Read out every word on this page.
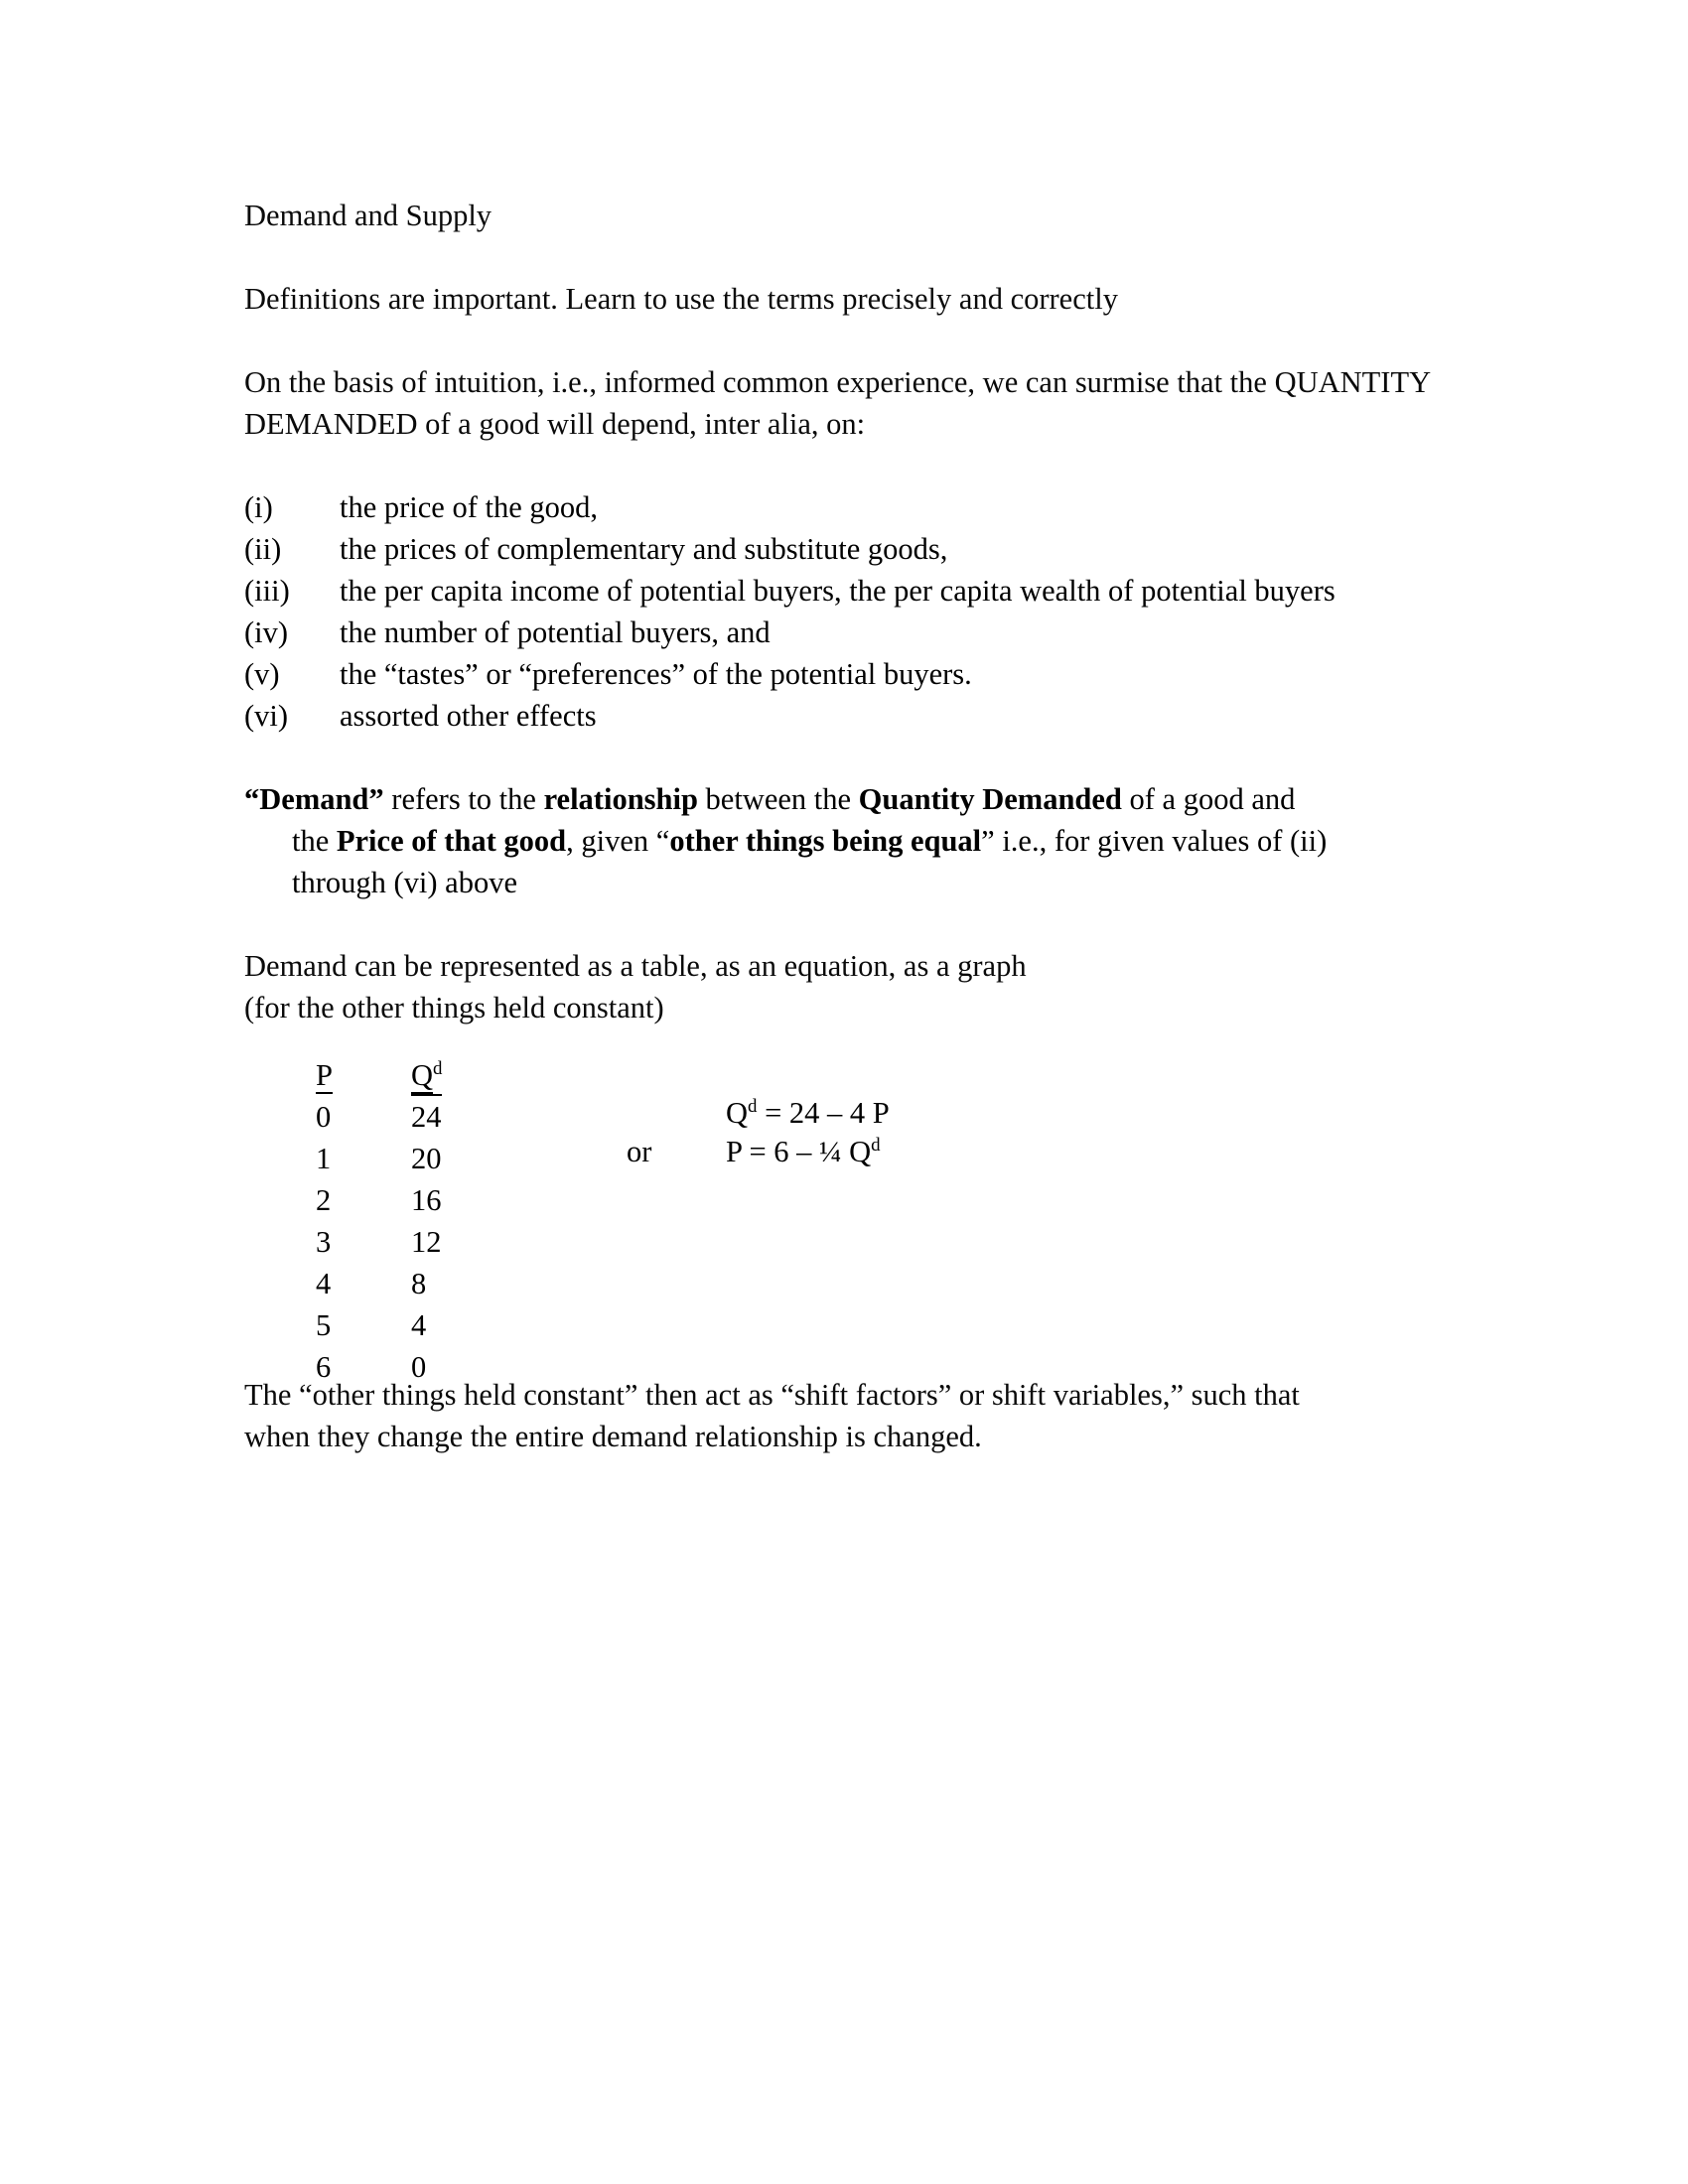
Demand and Supply
Definitions are important. Learn to use the terms precisely and correctly
On the basis of intuition, i.e., informed common experience, we can surmise that the QUANTITY DEMANDED of a good will depend, inter alia, on:
(i)	the price of the good,
(ii)	the prices of complementary and substitute goods,
(iii)	the per capita income of potential buyers, the per capita wealth of potential buyers
(iv)	the number of potential buyers, and
(v)	the “tastes” or “preferences” of the potential buyers.
(vi)	assorted other effects
“Demand” refers to the relationship between the Quantity Demanded of a good and
the Price of that good, given “other things being equal” i.e., for given values of (ii)
through (vi) above
Demand can be represented as a table, as an equation, as a graph
(for the other things held constant)
P	$Q^d$
0	24
1	20
2	16
3	12
4	8
5	4
6	0
or
$Q^d = 24 - 4$ P
P = 6 – ¼ $Q^d$
The “other things held constant” then act as “shift factors” or shift variables,” such that
when they change the entire demand relationship is changed.
